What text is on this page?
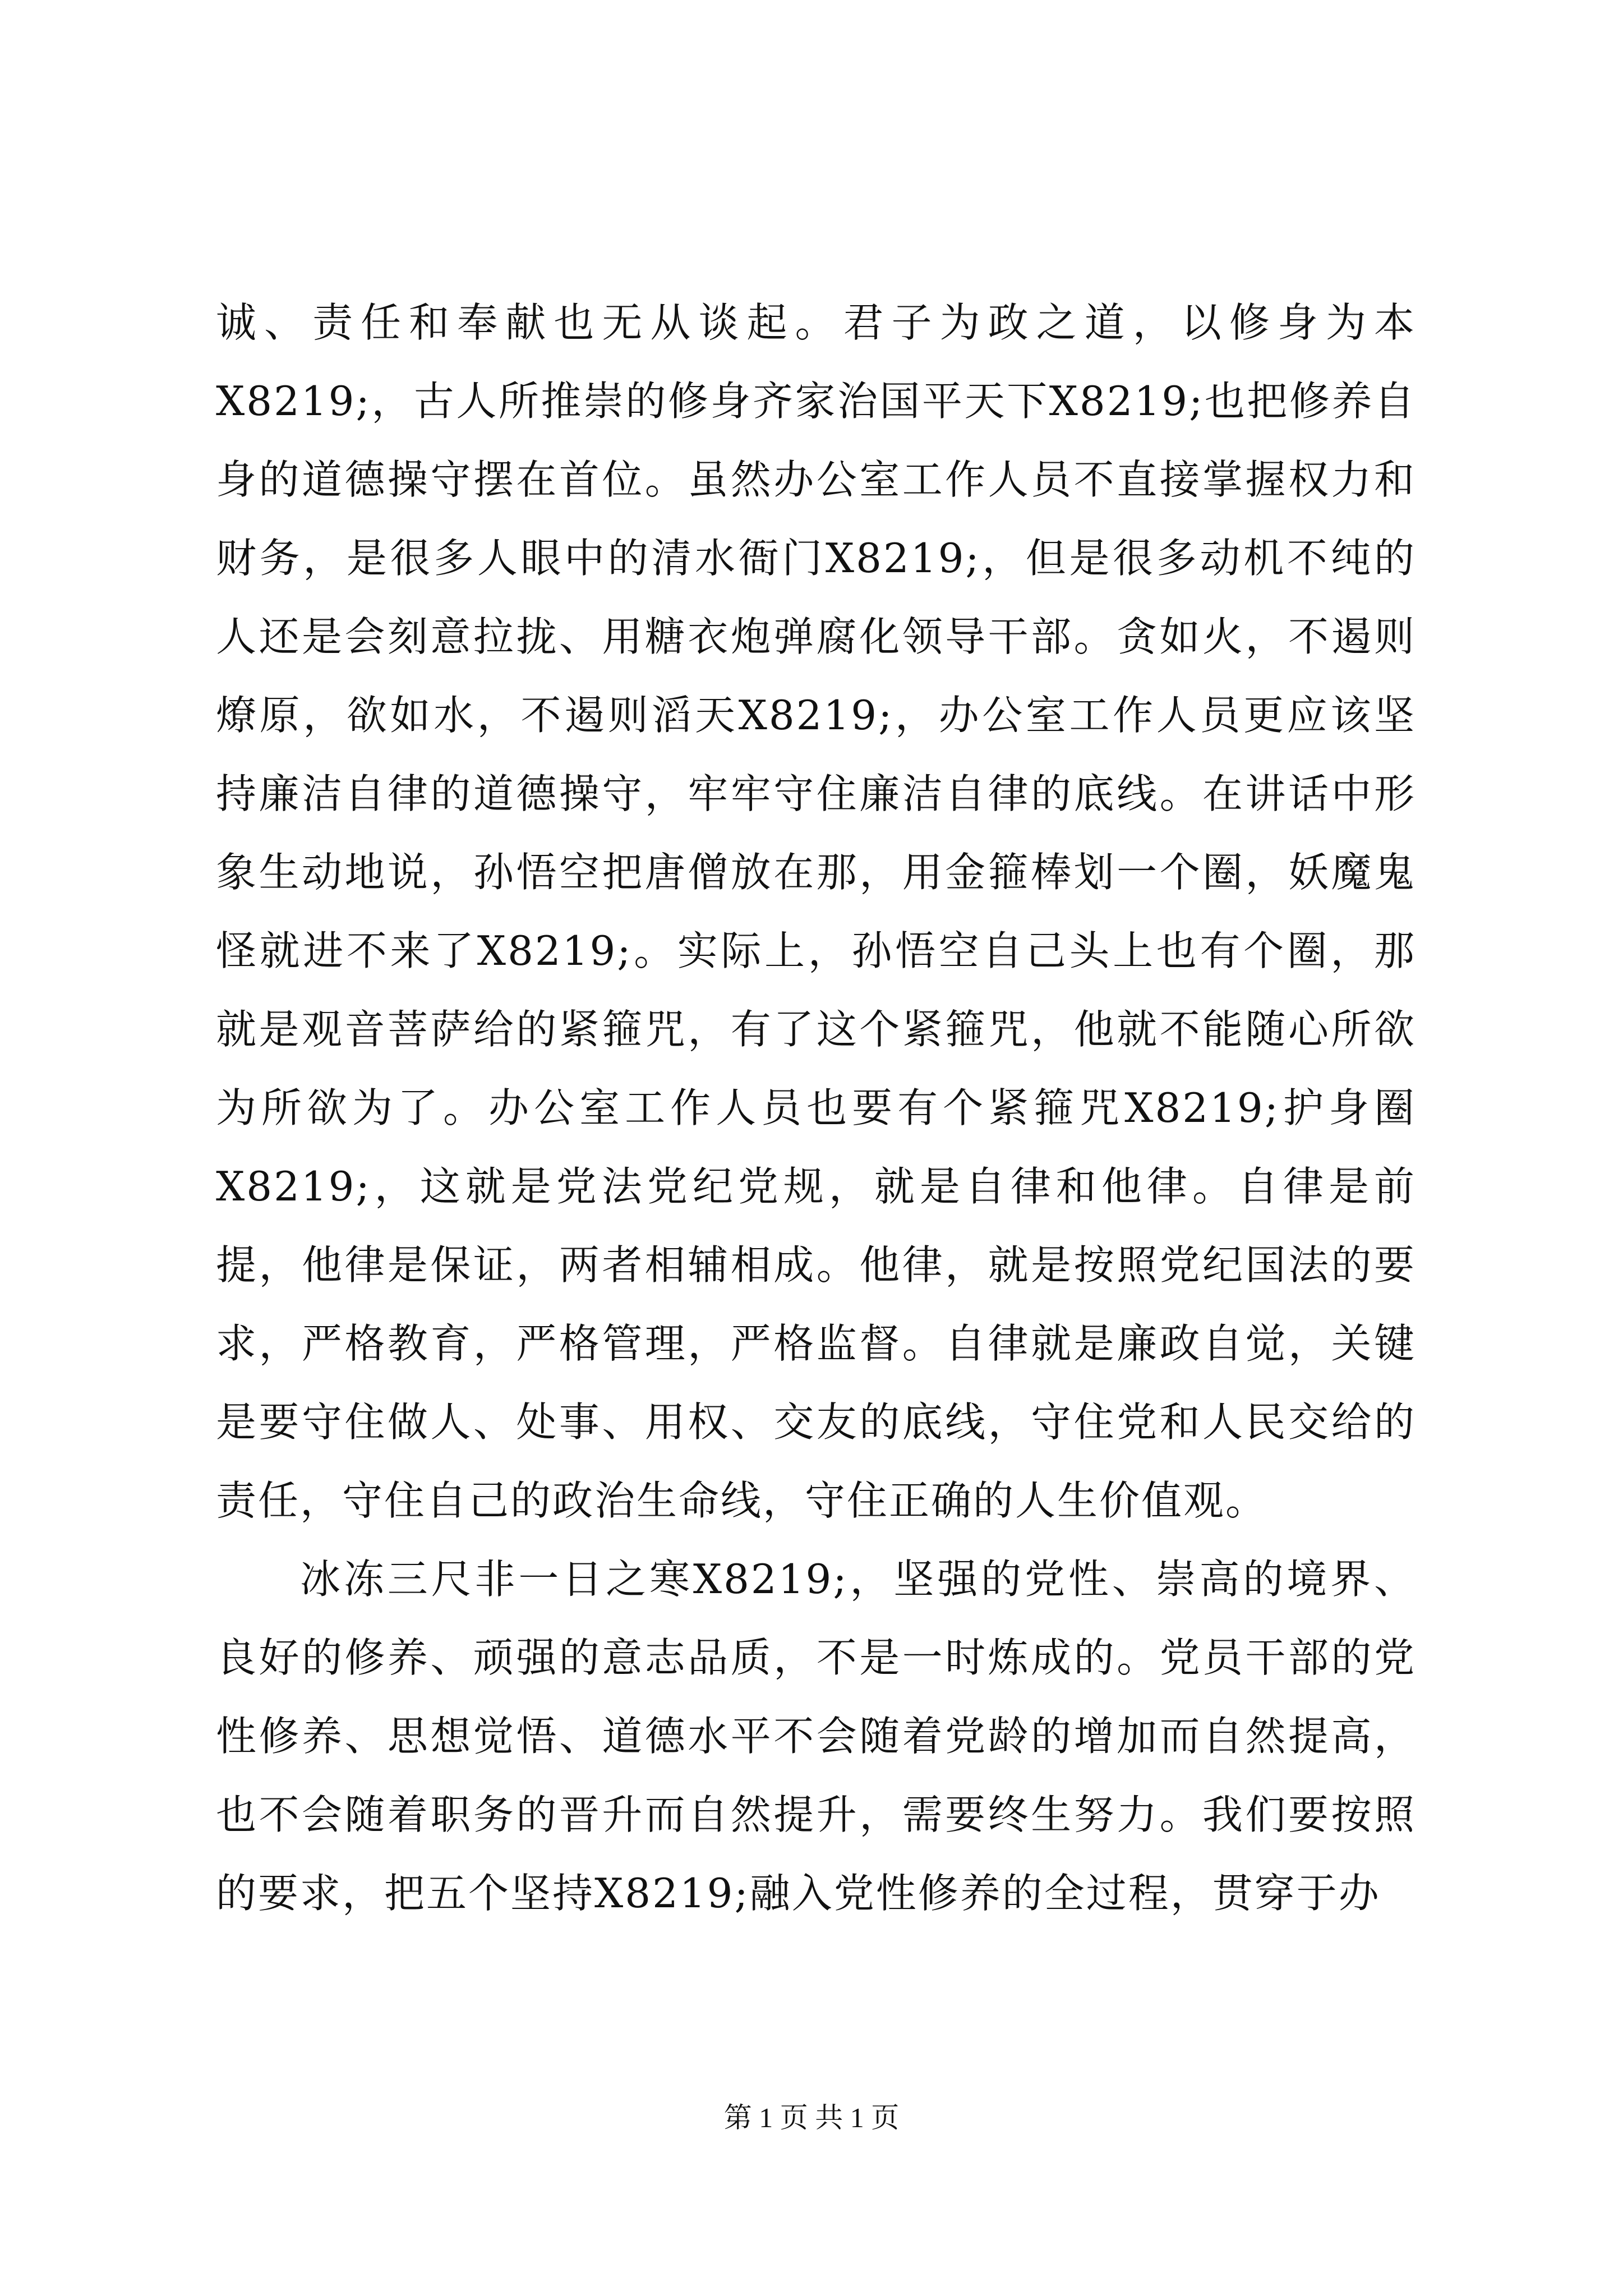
诚、责任和奉献也无从谈起。君子为政之道，以修身为本X8219;，古人所推崇的修身齐家治国平天下X8219;也把修养自身的道德操守摆在首位。虽然办公室工作人员不直接掌握权力和财务，是很多人眼中的清水衙门X8219;，但是很多动机不纯的人还是会刻意拉拢、用糖衣炮弹腐化领导干部。贪如火，不遏则燎原，欲如水，不遏则滔天X8219;，办公室工作人员更应该坚持廉洁自律的道德操守，牢牢守住廉洁自律的底线。在讲话中形象生动地说，孙悟空把唐僧放在那，用金箍棒划一个圈，妖魔鬼怪就进不来了X8219;。实际上，孙悟空自己头上也有个圈，那就是观音菩萨给的紧箍咒，有了这个紧箍咒，他就不能随心所欲为所欲为了。办公室工作人员也要有个紧箍咒X8219;护身圈X8219;，这就是党法党纪党规，就是自律和他律。自律是前提，他律是保证，两者相辅相成。他律，就是按照党纪国法的要求，严格教育，严格管理，严格监督。自律就是廉政自觉，关键是要守住做人、处事、用权、交友的底线，守住党和人民交给的责任，守住自己的政治生命线，守住正确的人生价值观。

冰冻三尺非一日之寒X8219;，坚强的党性、崇高的境界、良好的修养、顽强的意志品质，不是一时炼成的。党员干部的党性修养、思想觉悟、道德水平不会随着党龄的增加而自然提高，也不会随着职务的晋升而自然提升，需要终生努力。我们要按照的要求，把五个坚持X8219;融入党性修养的全过程，贯穿于办

第 1 页 共 1 页
